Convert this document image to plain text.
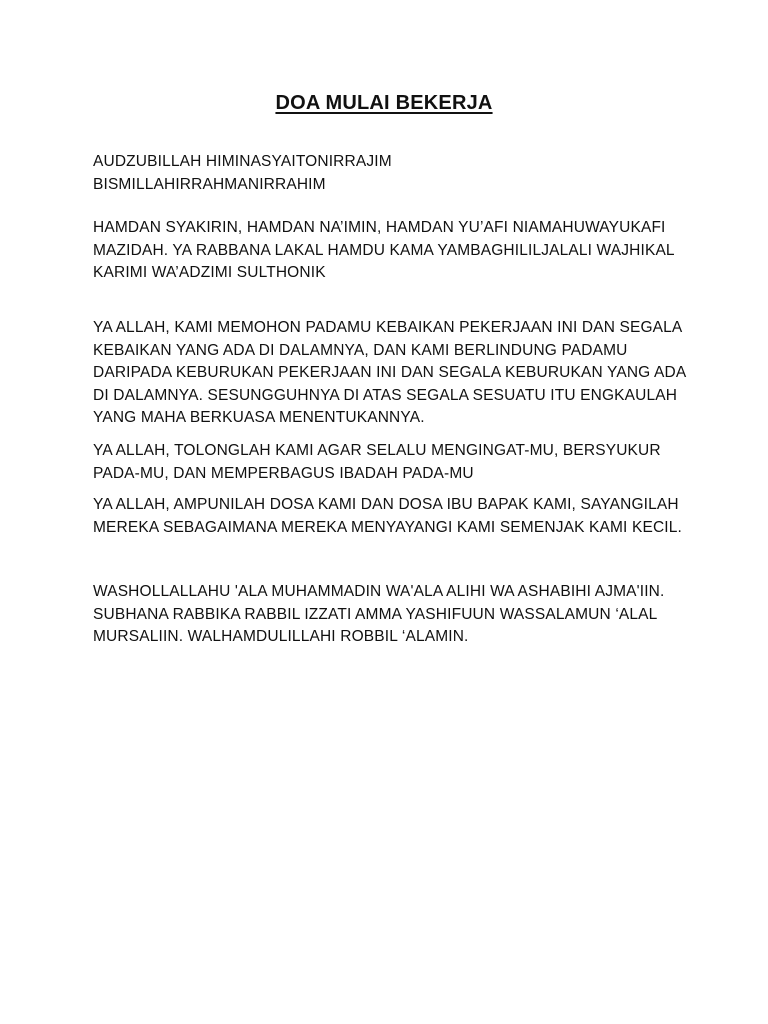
DOA MULAI BEKERJA
AUDZUBILLAH HIMINASYAITONIRRAJIM
BISMILLAHIRRAHMANIRRAHIM
HAMDAN SYAKIRIN, HAMDAN NA’IMIN, HAMDAN YU’AFI NIAMAHUWAYUKAFI
MAZIDAH. YA RABBANA LAKAL HAMDU KAMA YAMBAGHILILJALALI WAJHIKAL
KARIMI WA’ADZIMI SULTHONIK
YA ALLAH, KAMI MEMOHON PADAMU KEBAIKAN PEKERJAAN INI DAN SEGALA
KEBAIKAN YANG ADA DI DALAMNYA, DAN KAMI BERLINDUNG PADAMU
DARIPADA KEBURUKAN PEKERJAAN INI DAN SEGALA KEBURUKAN YANG ADA
DI DALAMNYA. SESUNGGUHNYA DI ATAS SEGALA SESUATU ITU ENGKAULAH
YANG MAHA BERKUASA MENENTUKANNYA.
YA ALLAH, TOLONGLAH KAMI AGAR SELALU MENGINGAT-MU, BERSYUKUR
PADA-MU, DAN MEMPERBAGUS IBADAH PADA-MU
YA ALLAH, AMPUNILAH DOSA KAMI DAN DOSA IBU BAPAK KAMI, SAYANGILAH
MEREKA SEBAGAIMANA MEREKA MENYAYANGI KAMI SEMENJAK KAMI KECIL.
WASHOLLALLAHU 'ALA MUHAMMADIN WA'ALA ALIHI WA ASHABIHI AJMA'IIN.
SUBHANA RABBIKA RABBIL IZZATI AMMA YASHIFUUN WASSALAMUN ‘ALAL
MURSALIIN. WALHAMDULILLAHI ROBBIL ‘ALAMIN.
